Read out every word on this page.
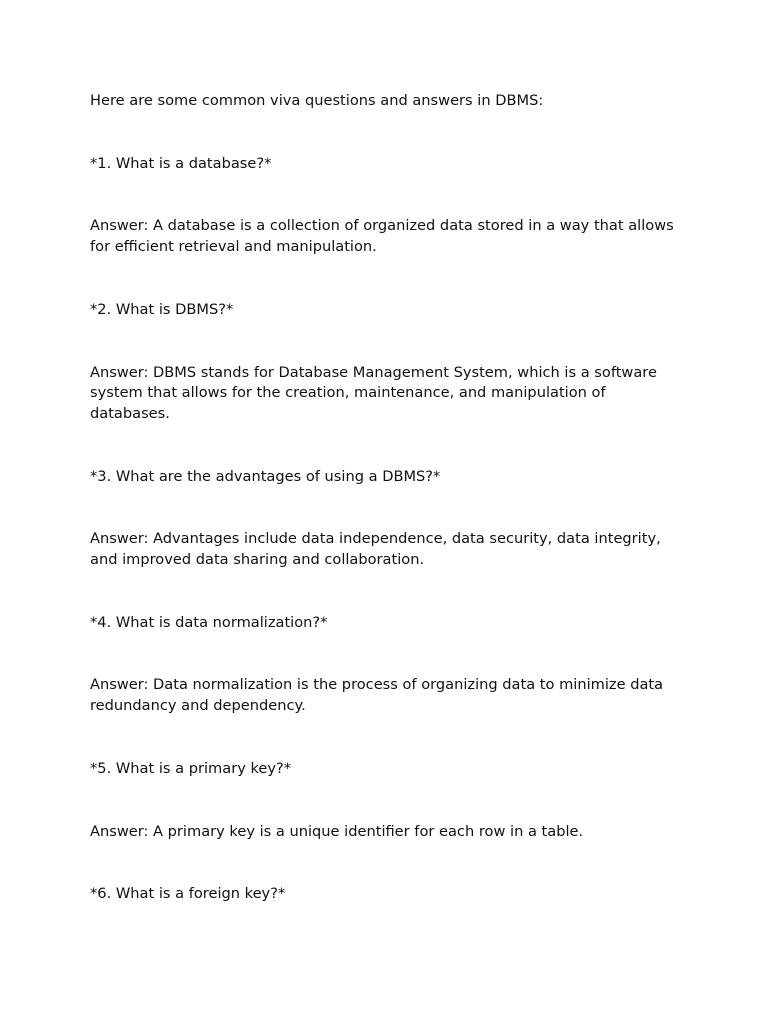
Here are some common viva questions and answers in DBMS:

*1. What is a database?*

Answer: A database is a collection of organized data stored in a way that allows for efficient retrieval and manipulation.

*2. What is DBMS?*

Answer: DBMS stands for Database Management System, which is a software system that allows for the creation, maintenance, and manipulation of databases.

*3. What are the advantages of using a DBMS?*

Answer: Advantages include data independence, data security, data integrity, and improved data sharing and collaboration.

*4. What is data normalization?*

Answer: Data normalization is the process of organizing data to minimize data redundancy and dependency.

*5. What is a primary key?*

Answer: A primary key is a unique identifier for each row in a table.

*6. What is a foreign key?*
